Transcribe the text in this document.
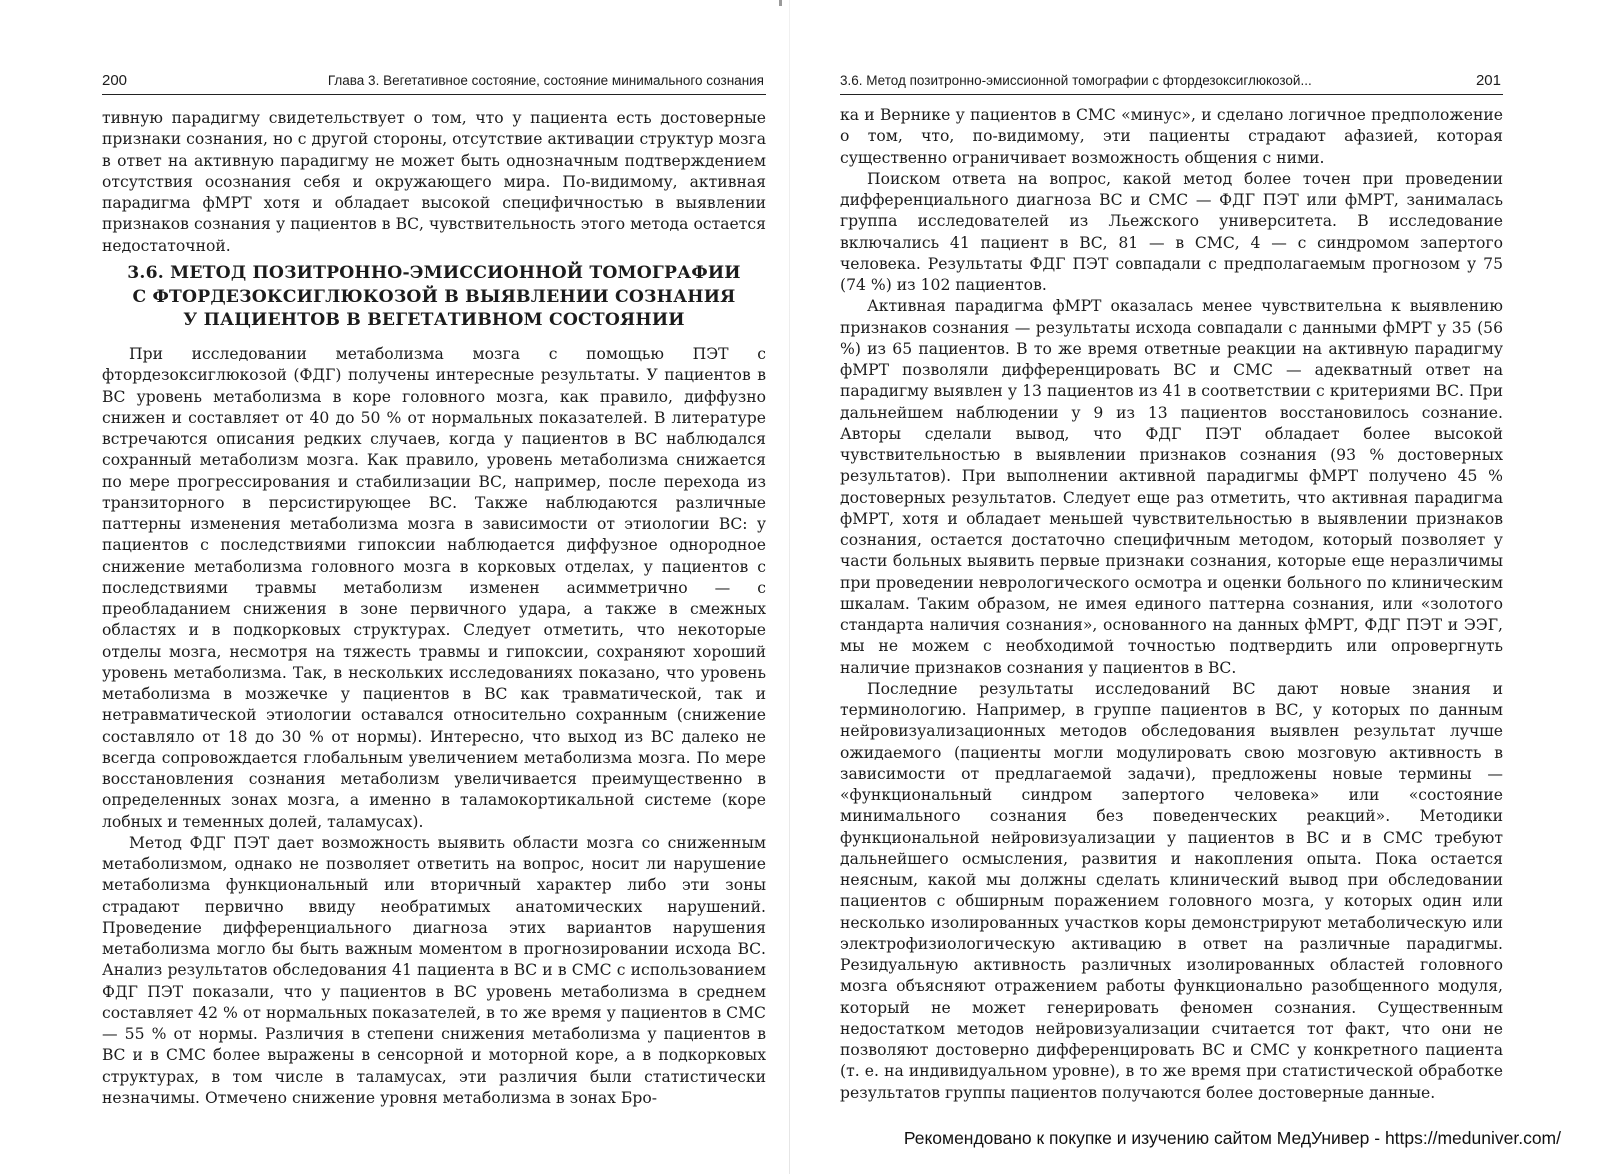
200	Глава 3. Вегетативное состояние, состояние минимального сознания

тивную парадигму свидетельствует о том, что у пациента есть достоверные признаки сознания, но с другой стороны, отсутствие активации структур мозга в ответ на активную парадигму не может быть однозначным подтверждением отсутствия осознания себя и окружающего мира. По-видимому, активная парадигма фМРТ хотя и обладает высокой специфичностью в выявлении признаков сознания у пациентов в ВС, чувствительность этого метода остается недостаточной.

3.6. МЕТОД ПОЗИТРОННО-ЭМИССИОННОЙ ТОМОГРАФИИ
С ФТОРДЕЗОКСИГЛЮКОЗОЙ В ВЫЯВЛЕНИИ СОЗНАНИЯ
У ПАЦИЕНТОВ В ВЕГЕТАТИВНОМ СОСТОЯНИИ

При исследовании метаболизма мозга с помощью ПЭТ с фтордезоксиглюкозой (ФДГ) получены интересные результаты. У пациентов в ВС уровень метаболизма в коре головного мозга, как правило, диффузно снижен и составляет от 40 до 50 % от нормальных показателей. В литературе встречаются описания редких случаев, когда у пациентов в ВС наблюдался сохранный метаболизм мозга. Как правило, уровень метаболизма снижается по мере прогрессирования и стабилизации ВС, например, после перехода из транзиторного в персистирующее ВС. Также наблюдаются различные паттерны изменения метаболизма мозга в зависимости от этиологии ВС: у пациентов с последствиями гипоксии наблюдается диффузное однородное снижение метаболизма головного мозга в корковых отделах, у пациентов с последствиями травмы метаболизм изменен асимметрично — с преобладанием снижения в зоне первичного удара, а также в смежных областях и в подкорковых структурах. Следует отметить, что некоторые отделы мозга, несмотря на тяжесть травмы и гипоксии, сохраняют хороший уровень метаболизма. Так, в нескольких исследованиях показано, что уровень метаболизма в мозжечке у пациентов в ВС как травматической, так и нетравматической этиологии оставался относительно сохранным (снижение составляло от 18 до 30 % от нормы). Интересно, что выход из ВС далеко не всегда сопровождается глобальным увеличением метаболизма мозга. По мере восстановления сознания метаболизм увеличивается преимущественно в определенных зонах мозга, а именно в таламокортикальной системе (коре лобных и теменных долей, таламусах).

Метод ФДГ ПЭТ дает возможность выявить области мозга со сниженным метаболизмом, однако не позволяет ответить на вопрос, носит ли нарушение метаболизма функциональный или вторичный характер либо эти зоны страдают первично ввиду необратимых анатомических нарушений. Проведение дифференциального диагноза этих вариантов нарушения метаболизма могло бы быть важным моментом в прогнозировании исхода ВС. Анализ результатов обследования 41 пациента в ВС и в СМС с использованием ФДГ ПЭТ показали, что у пациентов в ВС уровень метаболизма в среднем составляет 42 % от нормальных показателей, в то же время у пациентов в СМС — 55 % от нормы. Различия в степени снижения метаболизма у пациентов в ВС и в СМС более выражены в сенсорной и моторной коре, а в подкорковых структурах, в том числе в таламусах, эти различия были статистически незначимы. Отмечено снижение уровня метаболизма в зонах Бро-

3.6. Метод позитронно-эмиссионной томографии с фтордезоксиглюкозой...	201

ка и Вернике у пациентов в СМС «минус», и сделано логичное предположение о том, что, по-видимому, эти пациенты страдают афазией, которая существенно ограничивает возможность общения с ними.

Поиском ответа на вопрос, какой метод более точен при проведении дифференциального диагноза ВС и СМС — ФДГ ПЭТ или фМРТ, занималась группа исследователей из Льежского университета. В исследование включались 41 пациент в ВС, 81 — в СМС, 4 — с синдромом запертого человека. Результаты ФДГ ПЭТ совпадали с предполагаемым прогнозом у 75 (74 %) из 102 пациентов.

Активная парадигма фМРТ оказалась менее чувствительна к выявлению признаков сознания — результаты исхода совпадали с данными фМРТ у 35 (56 %) из 65 пациентов. В то же время ответные реакции на активную парадигму фМРТ позволяли дифференцировать ВС и СМС — адекватный ответ на парадигму выявлен у 13 пациентов из 41 в соответствии с критериями ВС. При дальнейшем наблюдении у 9 из 13 пациентов восстановилось сознание. Авторы сделали вывод, что ФДГ ПЭТ обладает более высокой чувствительностью в выявлении признаков сознания (93 % достоверных результатов). При выполнении активной парадигмы фМРТ получено 45 % достоверных результатов. Следует еще раз отметить, что активная парадигма фМРТ, хотя и обладает меньшей чувствительностью в выявлении признаков сознания, остается достаточно специфичным методом, который позволяет у части больных выявить первые признаки сознания, которые еще неразличимы при проведении неврологического осмотра и оценки больного по клиническим шкалам. Таким образом, не имея единого паттерна сознания, или «золотого стандарта наличия сознания», основанного на данных фМРТ, ФДГ ПЭТ и ЭЭГ, мы не можем с необходимой точностью подтвердить или опровергнуть наличие признаков сознания у пациентов в ВС.

Последние результаты исследований ВС дают новые знания и терминологию. Например, в группе пациентов в ВС, у которых по данным нейровизуализационных методов обследования выявлен результат лучше ожидаемого (пациенты могли модулировать свою мозговую активность в зависимости от предлагаемой задачи), предложены новые термины — «функциональный синдром запертого человека» или «состояние минимального сознания без поведенческих реакций». Методики функциональной нейровизуализации у пациентов в ВС и в СМС требуют дальнейшего осмысления, развития и накопления опыта. Пока остается неясным, какой мы должны сделать клинический вывод при обследовании пациентов с обширным поражением головного мозга, у которых один или несколько изолированных участков коры демонстрируют метаболическую или электрофизиологическую активацию в ответ на различные парадигмы. Резидуальную активность различных изолированных областей головного мозга объясняют отражением работы функционально разобщенного модуля, который не может генерировать феномен сознания. Существенным недостатком методов нейровизуализации считается тот факт, что они не позволяют достоверно дифференцировать ВС и СМС у конкретного пациента (т. е. на индивидуальном уровне), в то же время при статистической обработке результатов группы пациентов получаются более достоверные данные.

Рекомендовано к покупке и изучению сайтом МедУнивер - https://meduniver.com/
